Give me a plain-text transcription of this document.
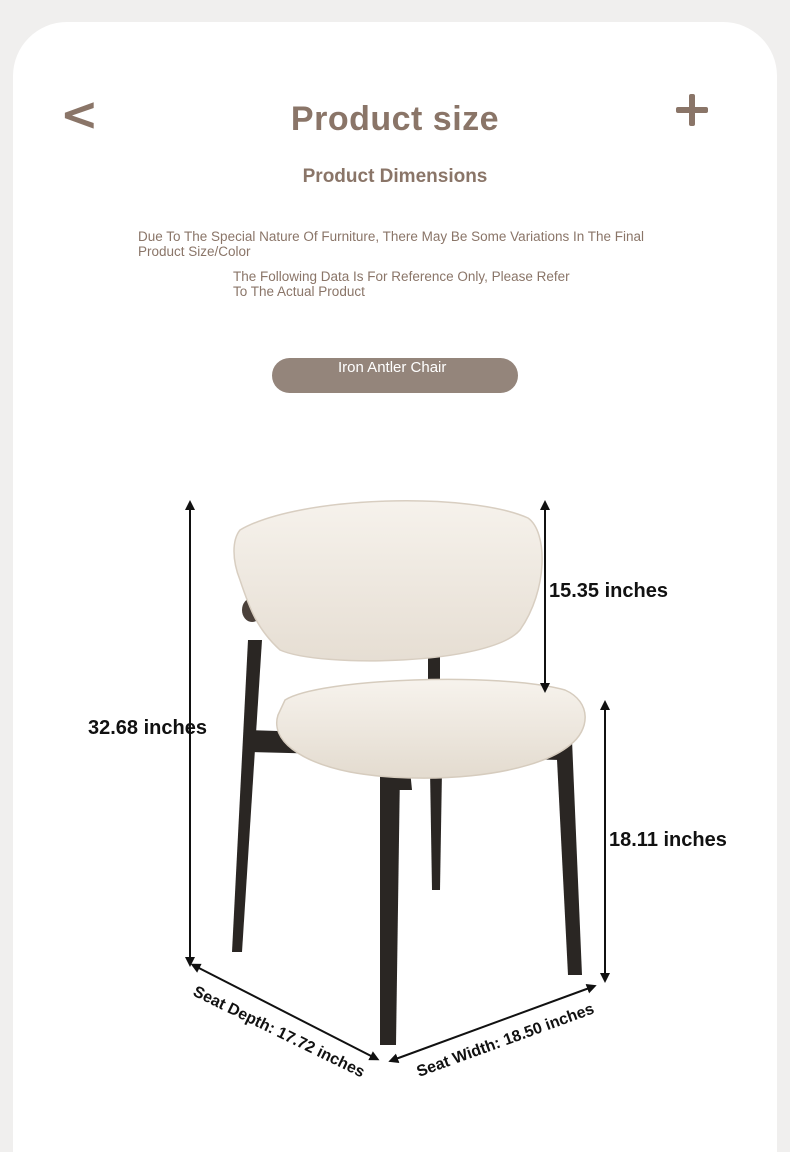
<	Product size
Product Dimensions
Due To The Special Nature Of Furniture, There May Be Some Variations In The Final Product Size/Color
The Following Data Is For Reference Only, Please Refer To The Actual Product
Iron Antler Chair
Seat Depth: 17.72 inches	Seat Width: 18.50 inches
32.68 inches
15.35 inches
18.11 inches
